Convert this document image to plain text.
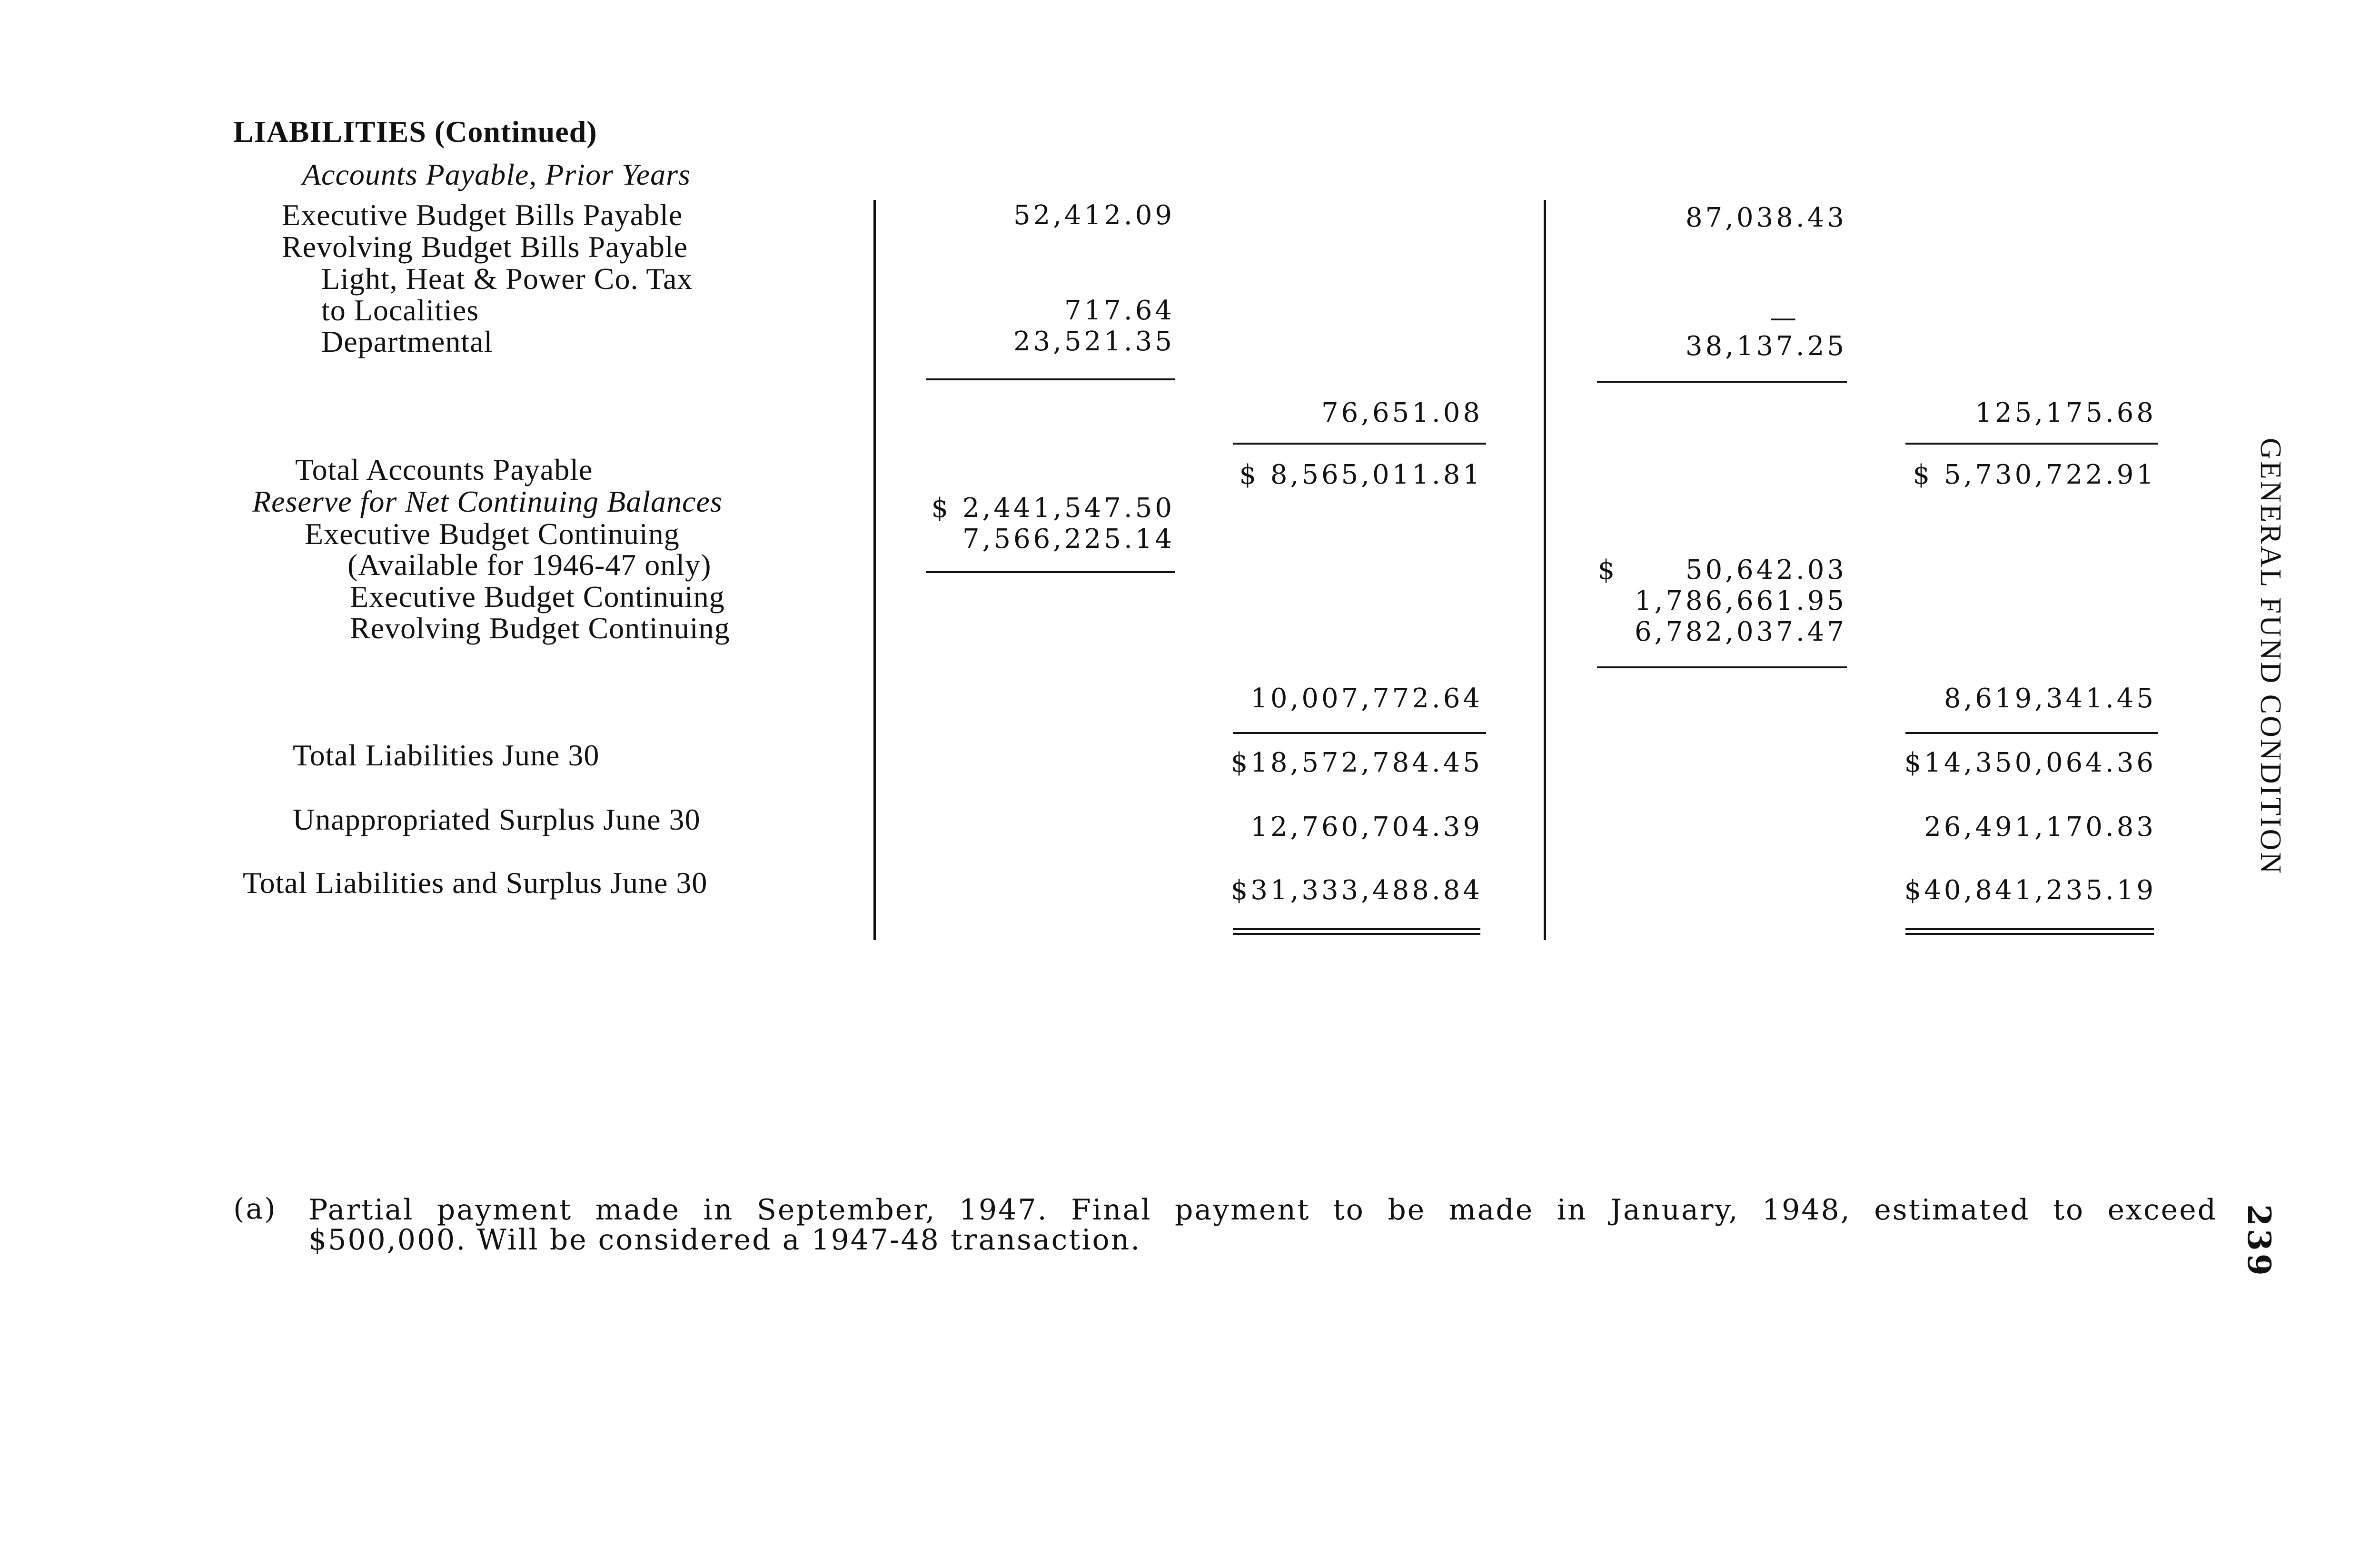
LIABILITIES (Continued)
Accounts Payable, Prior Years
Executive Budget Bills Payable
Revolving Budget Bills Payable
Light, Heat & Power Co. Tax
to Localities
Departmental
Total Accounts Payable
Reserve for Net Continuing Balances
Executive Budget Continuing
(Available for 1946-47 only)
Executive Budget Continuing
Revolving Budget Continuing
Total Liabilities June 30
Unappropriated Surplus June 30
Total Liabilities and Surplus June 30
52,412.09
717.64
23,521.35
$ 2,441,547.50
7,566,225.14
76,651.08
$ 8,565,011.81
10,007,772.64
$18,572,784.45
12,760,704.39
$31,333,488.84
87,038.43
—
38,137.25
$      50,642.03
1,786,661.95
6,782,037.47
125,175.68
$ 5,730,722.91
8,619,341.45
$14,350,064.36
26,491,170.83
$40,841,235.19
GENERAL FUND CONDITION
239
(a) Partial payment made in September, 1947. Final payment to be made in January, 1948, estimated to exceed
$500,000. Will be considered a 1947-48 transaction.
